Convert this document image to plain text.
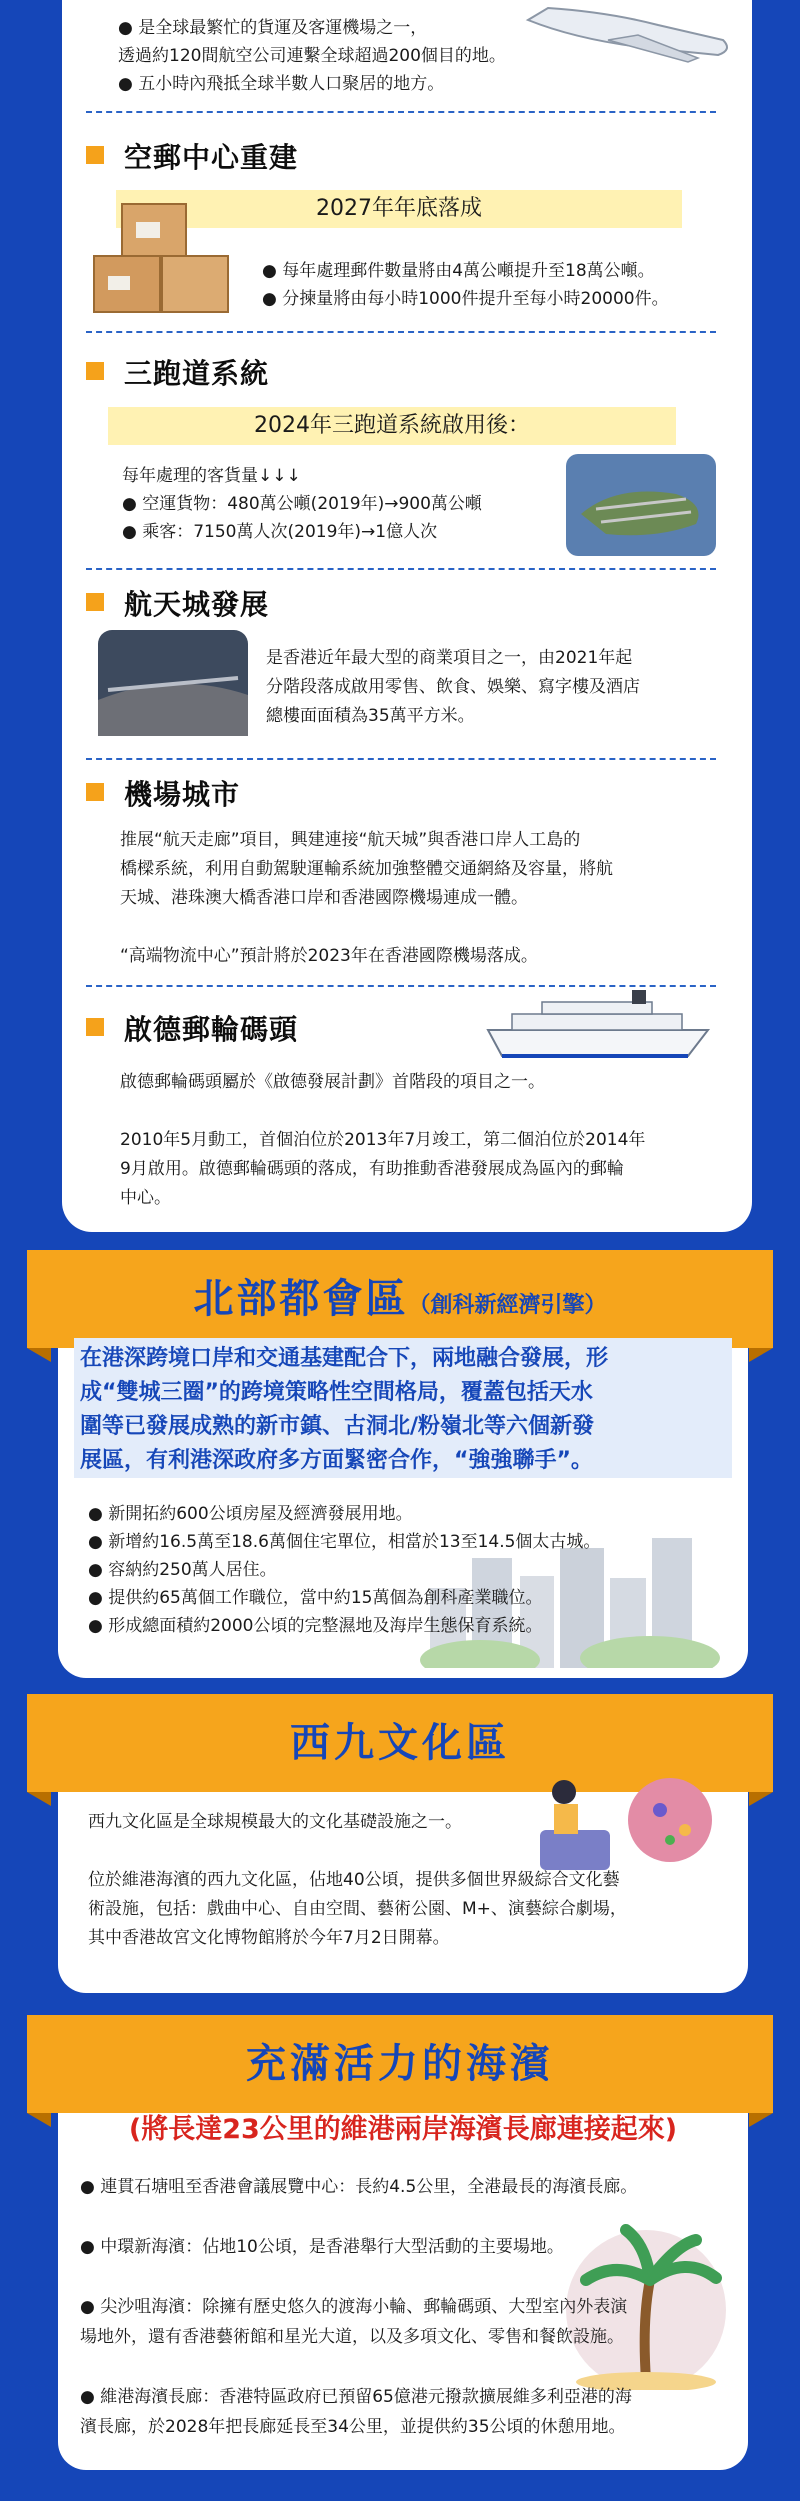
● 是全球最繁忙的貨運及客運機場之一，
透過約120間航空公司連繫全球超過200個目的地。
● 五小時內飛抵全球半數人口聚居的地方。
空郵中心重建
2027年年底落成
● 每年處理郵件數量將由4萬公噸提升至18萬公噸。
● 分揀量將由每小時1000件提升至每小時20000件。
三跑道系統
2024年三跑道系統啟用後：
每年處理的客貨量↓↓↓
● 空運貨物：480萬公噸(2019年)→900萬公噸
● 乘客：7150萬人次(2019年)→1億人次
航天城發展
是香港近年最大型的商業項目之一，由2021年起
分階段落成啟用零售、飲食、娛樂、寫字樓及酒店
總樓面面積為35萬平方米。
機場城市
推展“航天走廊”項目，興建連接“航天城”與香港口岸人工島的
橋樑系統，利用自動駕駛運輸系統加強整體交通網絡及容量，將航
天城、港珠澳大橋香港口岸和香港國際機場連成一體。

“高端物流中心”預計將於2023年在香港國際機場落成。
啟德郵輪碼頭
啟德郵輪碼頭屬於《啟德發展計劃》首階段的項目之一。

2010年5月動工，首個泊位於2013年7月竣工，第二個泊位於2014年
9月啟用。啟德郵輪碼頭的落成，有助推動香港發展成為區內的郵輪
中心。
北部都會區（創科新經濟引擎）
在港深跨境口岸和交通基建配合下，兩地融合發展，形
成“雙城三圈”的跨境策略性空間格局，覆蓋包括天水
圍等已發展成熟的新市鎮、古洞北/粉嶺北等六個新發
展區，有利港深政府多方面緊密合作，“強強聯手”。
● 新開拓約600公頃房屋及經濟發展用地。
● 新增約16.5萬至18.6萬個住宅單位，相當於13至14.5個太古城。
● 容納約250萬人居住。
● 提供約65萬個工作職位，當中約15萬個為創科產業職位。
● 形成總面積約2000公頃的完整濕地及海岸生態保育系統。
西九文化區
西九文化區是全球規模最大的文化基礎設施之一。

位於維港海濱的西九文化區，佔地40公頃，提供多個世界級綜合文化藝
術設施，包括：戲曲中心、自由空間、藝術公園、M+、演藝綜合劇場，
其中香港故宮文化博物館將於今年7月2日開幕。
充滿活力的海濱
(將長達23公里的維港兩岸海濱長廊連接起來)
● 連貫石塘咀至香港會議展覽中心：長約4.5公里，全港最長的海濱長廊。

● 中環新海濱：佔地10公頃，是香港舉行大型活動的主要場地。

● 尖沙咀海濱：除擁有歷史悠久的渡海小輪、郵輪碼頭、大型室內外表演
場地外，還有香港藝術館和星光大道，以及多項文化、零售和餐飲設施。

● 維港海濱長廊：香港特區政府已預留65億港元撥款擴展維多利亞港的海
濱長廊，於2028年把長廊延長至34公里，並提供約35公頃的休憩用地。
